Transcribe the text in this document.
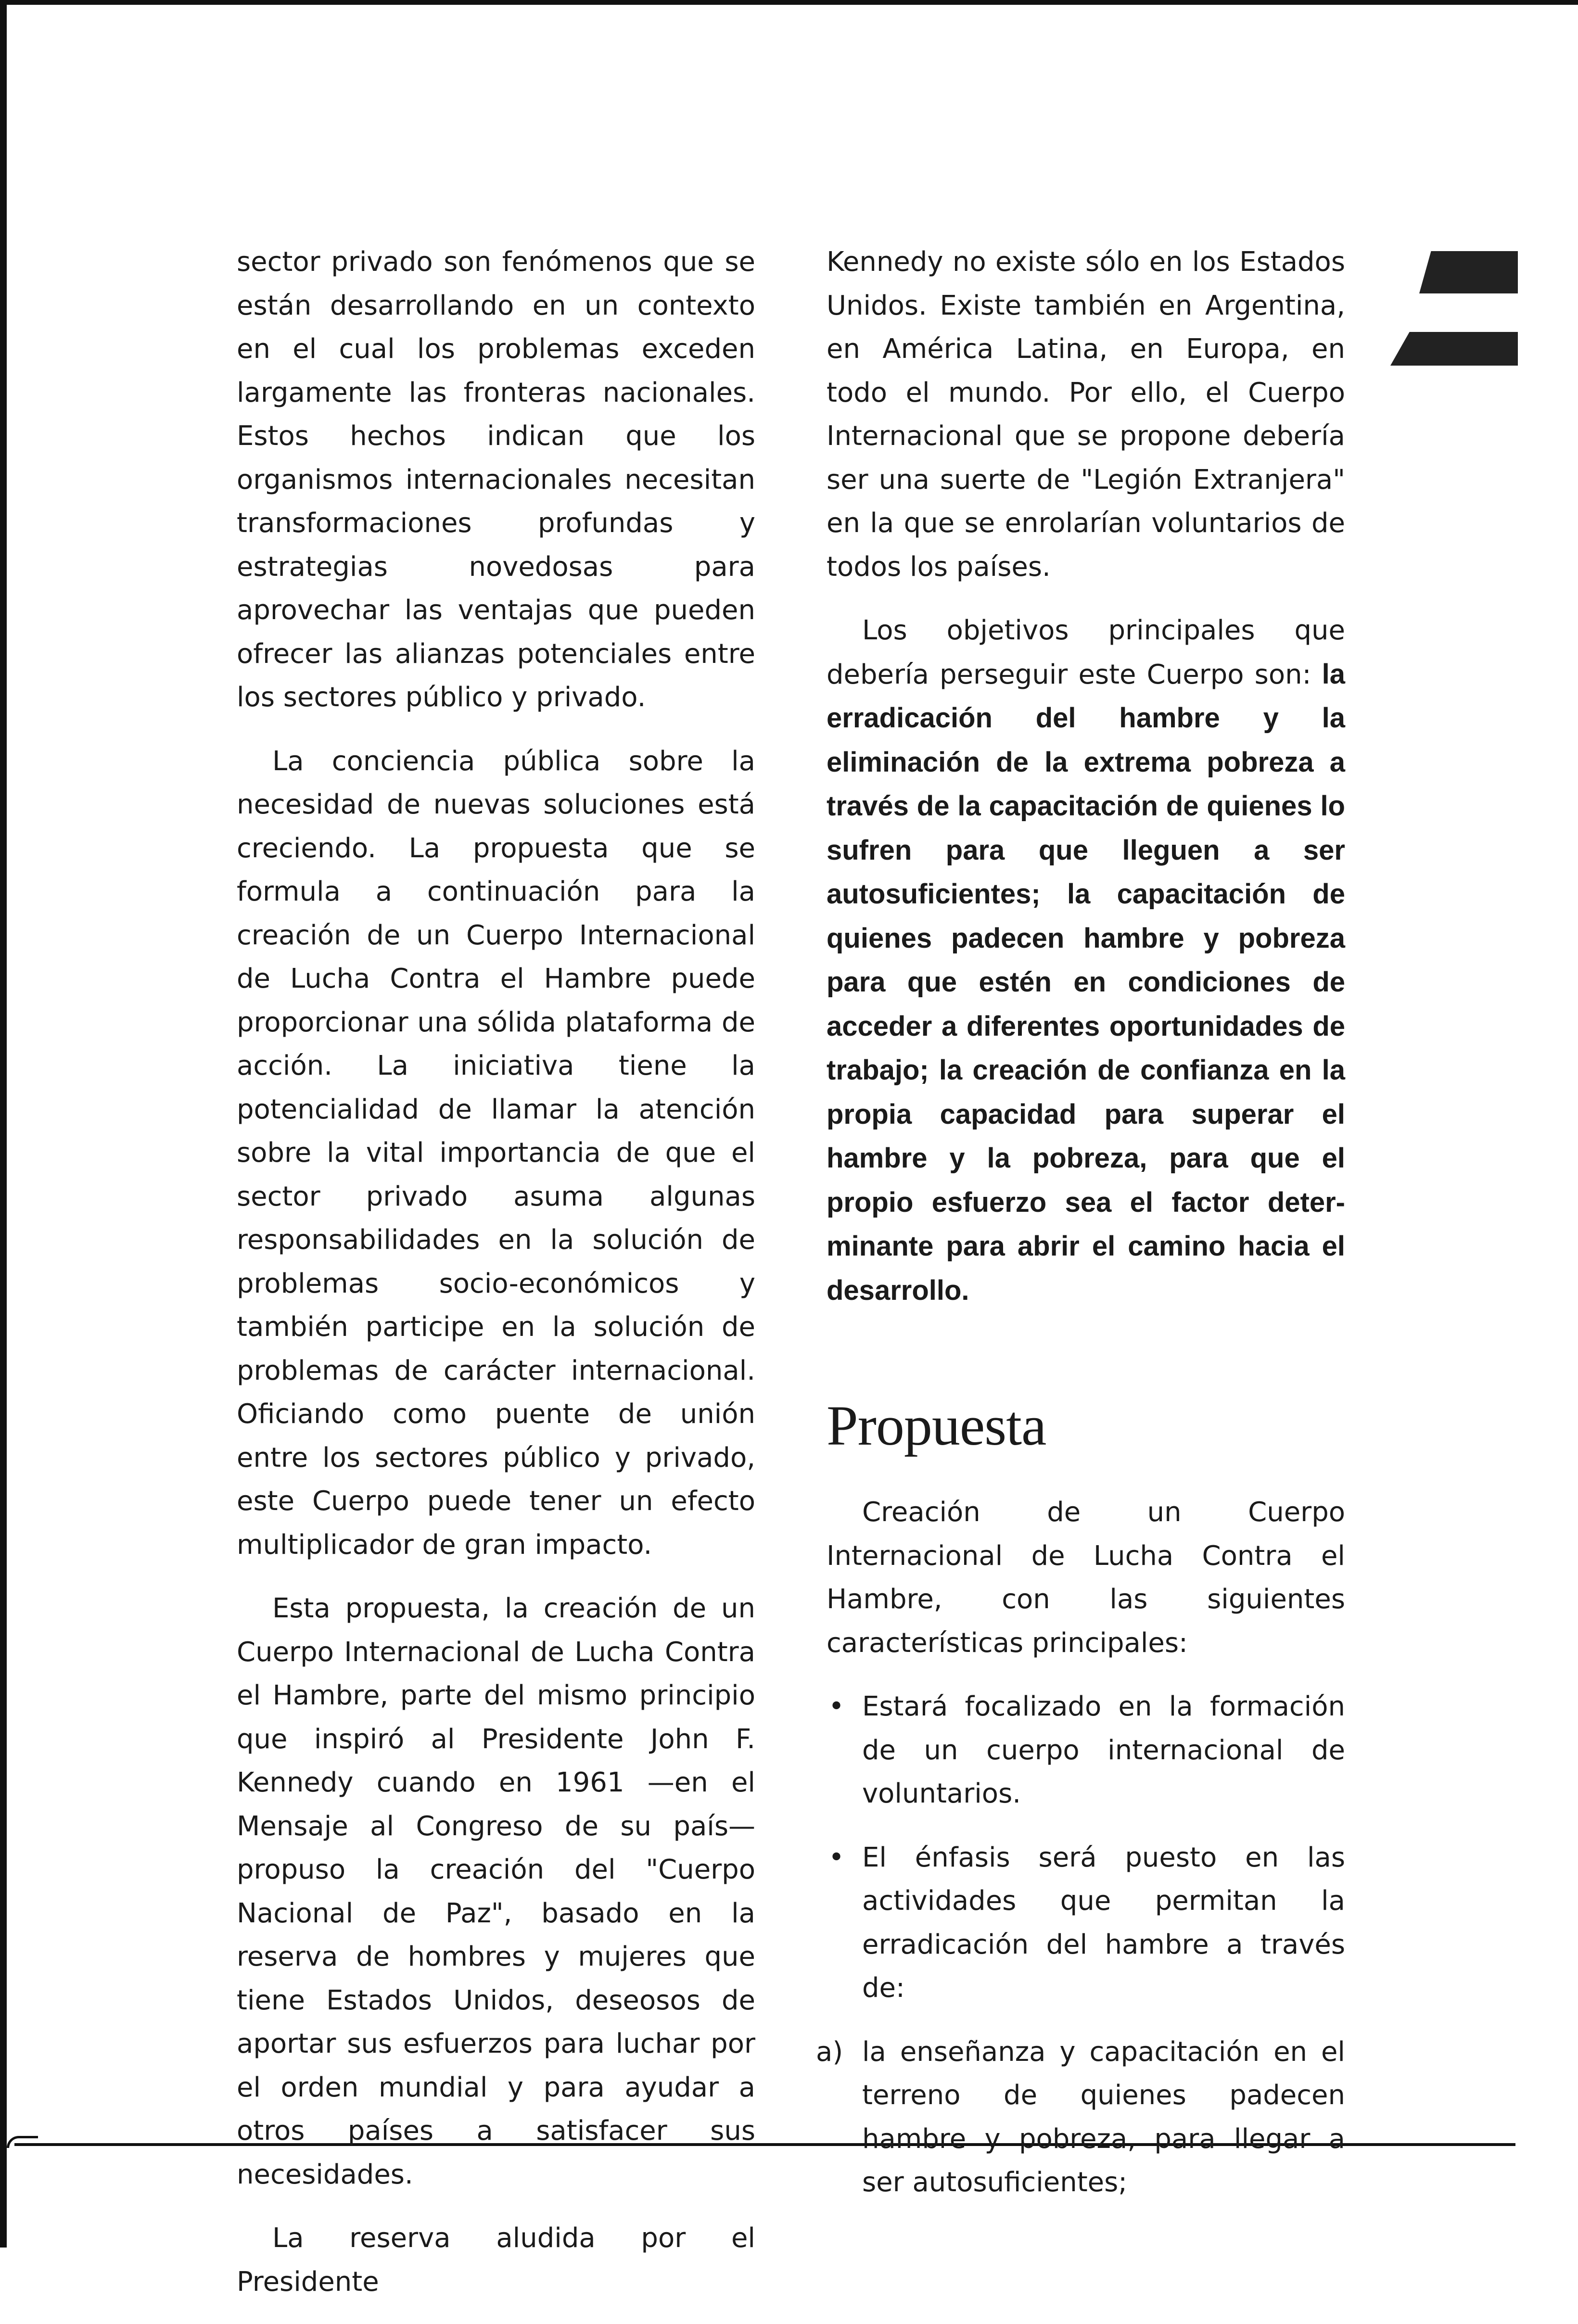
sector privado son fenómenos que se están desarrollando en un contexto en el cual los problemas exceden largamente las fronteras nacionales. Estos hechos indican que los organismos internacionales necesitan transformaciones profundas y estrategias novedosas para aprovechar las ventajas que pueden ofrecer las alianzas potenciales entre los sectores público y privado.

La conciencia pública sobre la necesidad de nuevas soluciones está creciendo. La propuesta que se formula a continuación para la creación de un Cuerpo Internacional de Lucha Contra el Hambre puede proporcionar una sólida plataforma de acción. La iniciativa tiene la potencialidad de llamar la atención sobre la vital importancia de que el sector privado asuma algunas responsabilidades en la solución de problemas socio-económicos y también participe en la solución de problemas de carácter internacional. Oficiando como puente de unión entre los sectores público y privado, este Cuerpo puede tener un efecto multiplicador de gran impacto.

Esta propuesta, la creación de un Cuerpo Internacional de Lucha Contra el Hambre, parte del mismo principio que inspiró al Presidente John F. Kennedy cuando en 1961 —en el Mensaje al Congreso de su país— propuso la creación del "Cuerpo Nacional de Paz", basado en la reserva de hombres y mujeres que tiene Estados Unidos, deseosos de aportar sus esfuerzos para luchar por el orden mundial y para ayudar a otros países a satisfacer sus necesidades.

La reserva aludida por el Presidente

Kennedy no existe sólo en los Estados Unidos. Existe también en Argentina, en América Latina, en Europa, en todo el mundo. Por ello, el Cuerpo Internacional que se propone debería ser una suerte de "Legión Extranjera" en la que se enrolarían voluntarios de todos los países.

Los objetivos principales que debería perseguir este Cuerpo son: la erradicación del hambre y la eliminación de la extrema pobreza a través de la capacitación de quienes lo sufren para que lleguen a ser autosuficientes; la capacitación de quienes padecen hambre y pobreza para que estén en condiciones de acceder a diferentes oportunidades de trabajo; la creación de confianza en la propia capacidad para superar el hambre y la pobreza, para que el propio esfuerzo sea el factor determinante para abrir el camino hacia el desarrollo.

Propuesta

Creación de un Cuerpo Internacional de Lucha Contra el Hambre, con las siguientes características principales:

• Estará focalizado en la formación de un cuerpo internacional de voluntarios.
• El énfasis será puesto en las actividades que permitan la erradicación del hambre a través de:
a) la enseñanza y capacitación en el terreno de quienes padecen hambre y pobreza, para llegar a ser autosuficientes;
